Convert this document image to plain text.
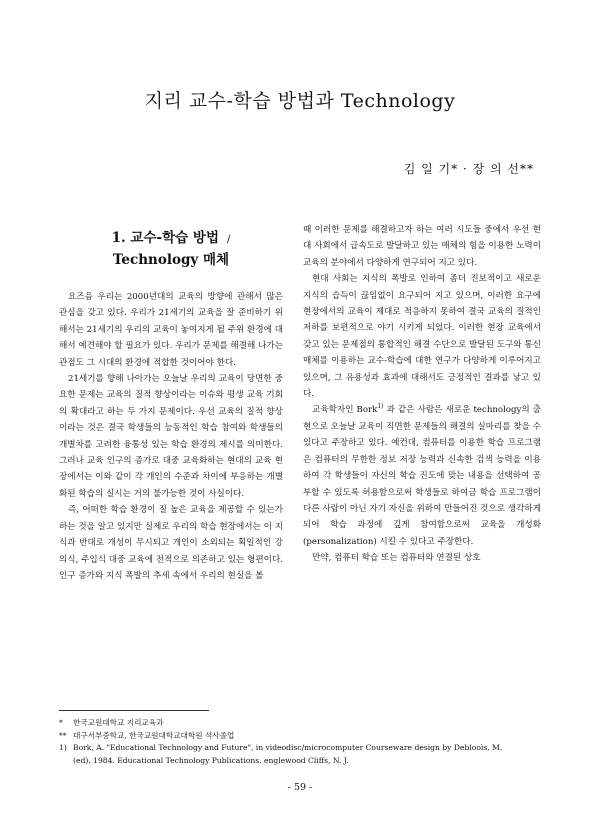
지리 교수-학습 방법과 Technology
김 일 기* · 장 의 선**
1. 교수-학습 방법 /
Technology 매체

요즈음 우리는 2000년대의 교육의 방향에 관해서 많은 관심을 갖고 있다. 우리가 21세기의 교육을 잘 준비하기 위해서는 21세기의 우리의 교육이 놓여지게 될 주위 환경에 대해서 예견해야 할 필요가 있다. 우리가 문제를 해결해 나가는 관점도 그 시대의 환경에 적합한 것이어야 한다.

21세기를 향해 나아가는 오늘날 우리의 교육이 당면한 중요한 문제는 교육의 질적 향상이라는 이슈와 평생 교육 기회의 확대라고 하는 두 가지 문제이다. 우선 교육의 질적 향상이라는 것은 결국 학생들의 능동적인 학습 참여와 학생들의 개별차를 고려한 융통성 있는 학습 환경의 제시를 의미한다. 그러나 교육 인구의 증가로 대중 교육화하는 현대의 교육 현장에서는 이와 같이 각 개인의 수준과 차이에 부응하는 개별화된 학습의 실시는 거의 불가능한 것이 사실이다.

즉, 어떠한 학습 환경이 질 높은 교육을 제공할 수 있는가 하는 것을 알고 있지만 실제로 우리의 학습 현장에서는 이 지식과 반대로 개성이 무시되고 개인이 소외되는 획일적인 강의식, 주입식 대중 교육에 전적으로 의존하고 있는 형편이다. 인구 증가와 지식 폭발의 추세 속에서 우리의 현실을 볼

때 이러한 문제를 해결하고자 하는 여러 시도들 중에서 우선 현대 사회에서 급속도로 발달하고 있는 매체의 힘을 이용한 노력이 교육의 분야에서 다양하게 연구되어 지고 있다.

현대 사회는 지식의 폭발로 인하여 좀더 진보적이고 새로운 지식의 습득이 끊임없이 요구되어 지고 있으며, 이러한 요구에 현장에서의 교육이 제대로 적응하지 못하여 결국 교육의 질적인 저하를 보편적으로 야기 시키게 되었다. 이러한 현장 교육에서 갖고 있는 문제점의 통합적인 해결 수단으로 발달된 도구와 통신 매체를 이용하는 교수-학습에 대한 연구가 다양하게 이루어지고 있으며, 그 유용성과 효과에 대해서도 긍정적인 결과를 낳고 있다.

교육학자인 Bork$^{1)}$ 과 같은 사람은 새로운 technology의 출현으로 오늘날 교육이 직면한 문제들의 해결의 실마리를 찾을 수 있다고 주장하고 있다. 예컨대, 컴퓨터를 이용한 학습 프로그램은 컴퓨터의 무한한 정보 저장 능력과 신속한 검색 능력을 이용하여 각 학생들이 자신의 학습 진도에 맞는 내용을 선택하여 공부할 수 있도록 허용함으로써 학생들로 하여금 학습 프로그램이 다른 사람이 아닌 자기 자신을 위하여 만들어진 것으로 생각하게 되어 학습 과정에 깊게 참여함으로써 교육을 개성화(personalization) 시킬 수 있다고 주장한다.

만약, 컴퓨터 학습 또는 컴퓨터와 연결된 상호

* 한국교원대학교 지리교육과
** 대구서부중학교, 한국교원대학교대학원 석사졸업
1) Bork, A. "Educational Technology and Future", in videodisc/microcomputer Courseware design by Deblooìs, M.
(ed). 1984. Educational Technology Publications, englewood Cliffs, N. J.
- 59 -
